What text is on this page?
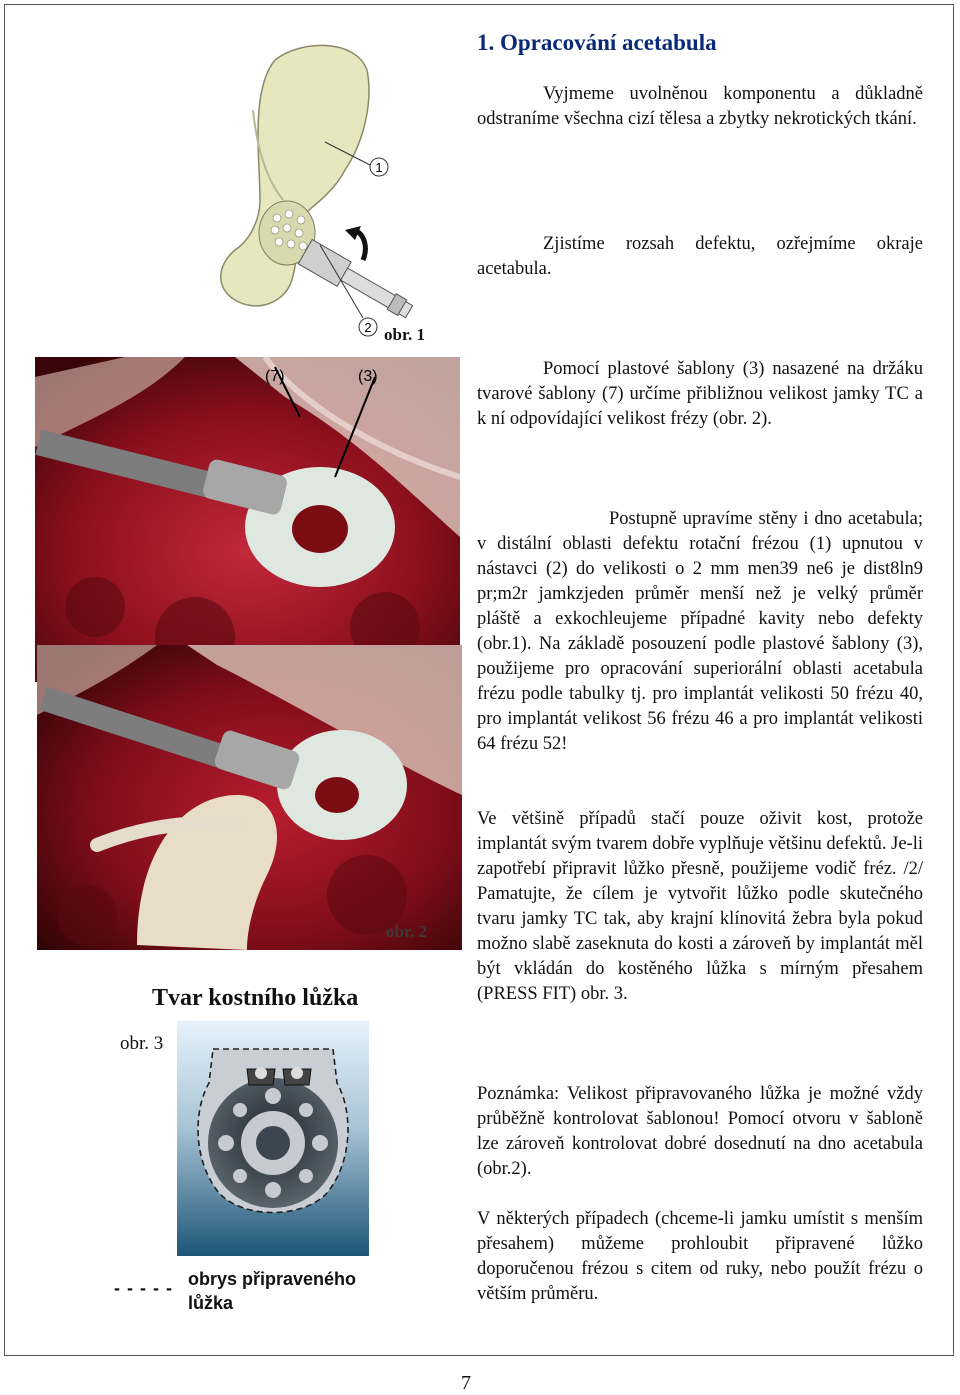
1. Opracování acetabula
1
2 obr. 1
(7)	(3)
obr. 2
obr. 3
Tvar kostního lůžka
- - - - - obrys připraveného lůžka

Vyjmeme uvolněnou komponentu a důkladně odstraníme všechna cizí tělesa a zbytky nekrotických tkání.

Zjistíme rozsah defektu, ozřejmíme okraje acetabula.

Pomocí plastové šablony (3) nasazené na držáku tvarové šablony (7) určíme přibližnou velikost jamky TC a k ní odpovídající velikost frézy (obr. 2).

Postupně upravíme stěny i dno acetabula; v distální oblasti defektu rotační frézou (1) upnutou v nástavci (2) do velikosti o 2 mm men39 ne6 je dist8ln9 pr;m2r jamkzjeden průměr menší než je velký průměr pláště a exkochleujeme případné kavity nebo defekty (obr.1). Na základě posouzení podle plastové šablony (3), použijeme pro opracování superiorální oblasti acetabula frézu podle tabulky tj. pro implantát velikosti 50 frézu 40, pro implantát velikost 56 frézu 46 a pro implantát velikosti 64 frézu 52!

Ve většině případů stačí pouze oživit kost, protože implantát svým tvarem dobře vyplňuje většinu defektů. Je-li zapotřebí připravit lůžko přesně, použijeme vodič fréz. /2/ Pamatujte, že cílem je vytvořit lůžko podle skutečného tvaru jamky TC tak, aby krajní klínovitá žebra byla pokud možno slabě zaseknuta do kosti a zároveň by implantát měl být vkládán do kostěného lůžka s mírným přesahem (PRESS FIT) obr. 3.

Poznámka: Velikost připravovaného lůžka je možné vždy průběžně kontrolovat šablonou! Pomocí otvoru v šabloně lze zároveň kontrolovat dobré dosednutí na dno acetabula (obr.2).

V některých případech (chceme-li jamku umístit s menším přesahem) můžeme prohloubit připravené lůžko doporučenou frézou s citem od ruky, nebo použít frézu o větším průměru.

7
